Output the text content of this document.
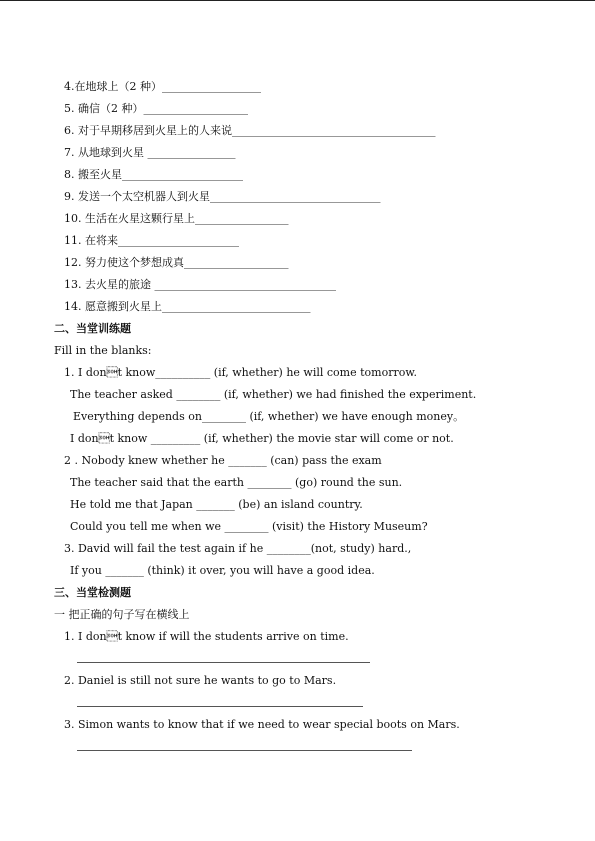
4.在地球上（2 种）__________________
5. 确信（2 种）___________________
6. 对于早期移居到火星上的人来说_____________________________________
7. 从地球到火星 ________________
8. 搬至火星______________________
9. 发送一个太空机器人到火星_______________________________
10. 生活在火星这颗行星上_________________
11. 在将来______________________
12. 努力使这个梦想成真___________________
13. 去火星的旅途 _________________________________
14. 愿意搬到火星上___________________________
二、当堂训练题
Fill in the blanks:
1. I dont know__________ (if, whether) he will come tomorrow.
The teacher asked ________ (if, whether) we had finished the experiment.
Everything depends on________ (if, whether) we have enough money。
I dont know _________ (if, whether) the movie star will come or not.
2 . Nobody knew whether he _______ (can) pass the exam
The teacher said that the earth ________ (go) round the sun.
He told me that Japan _______ (be) an island country.
Could you tell me when we ________ (visit) the History Museum?
3. David will fail the test again if he ________(not, study) hard.,
If you _______ (think) it over, you will have a good idea.
三、当堂检测题
一 把正确的句子写在横线上
1. I dont know if will the students arrive on time.
2. Daniel is still not sure he wants to go to Mars.
3. Simon wants to know that if we need to wear special boots on Mars.
